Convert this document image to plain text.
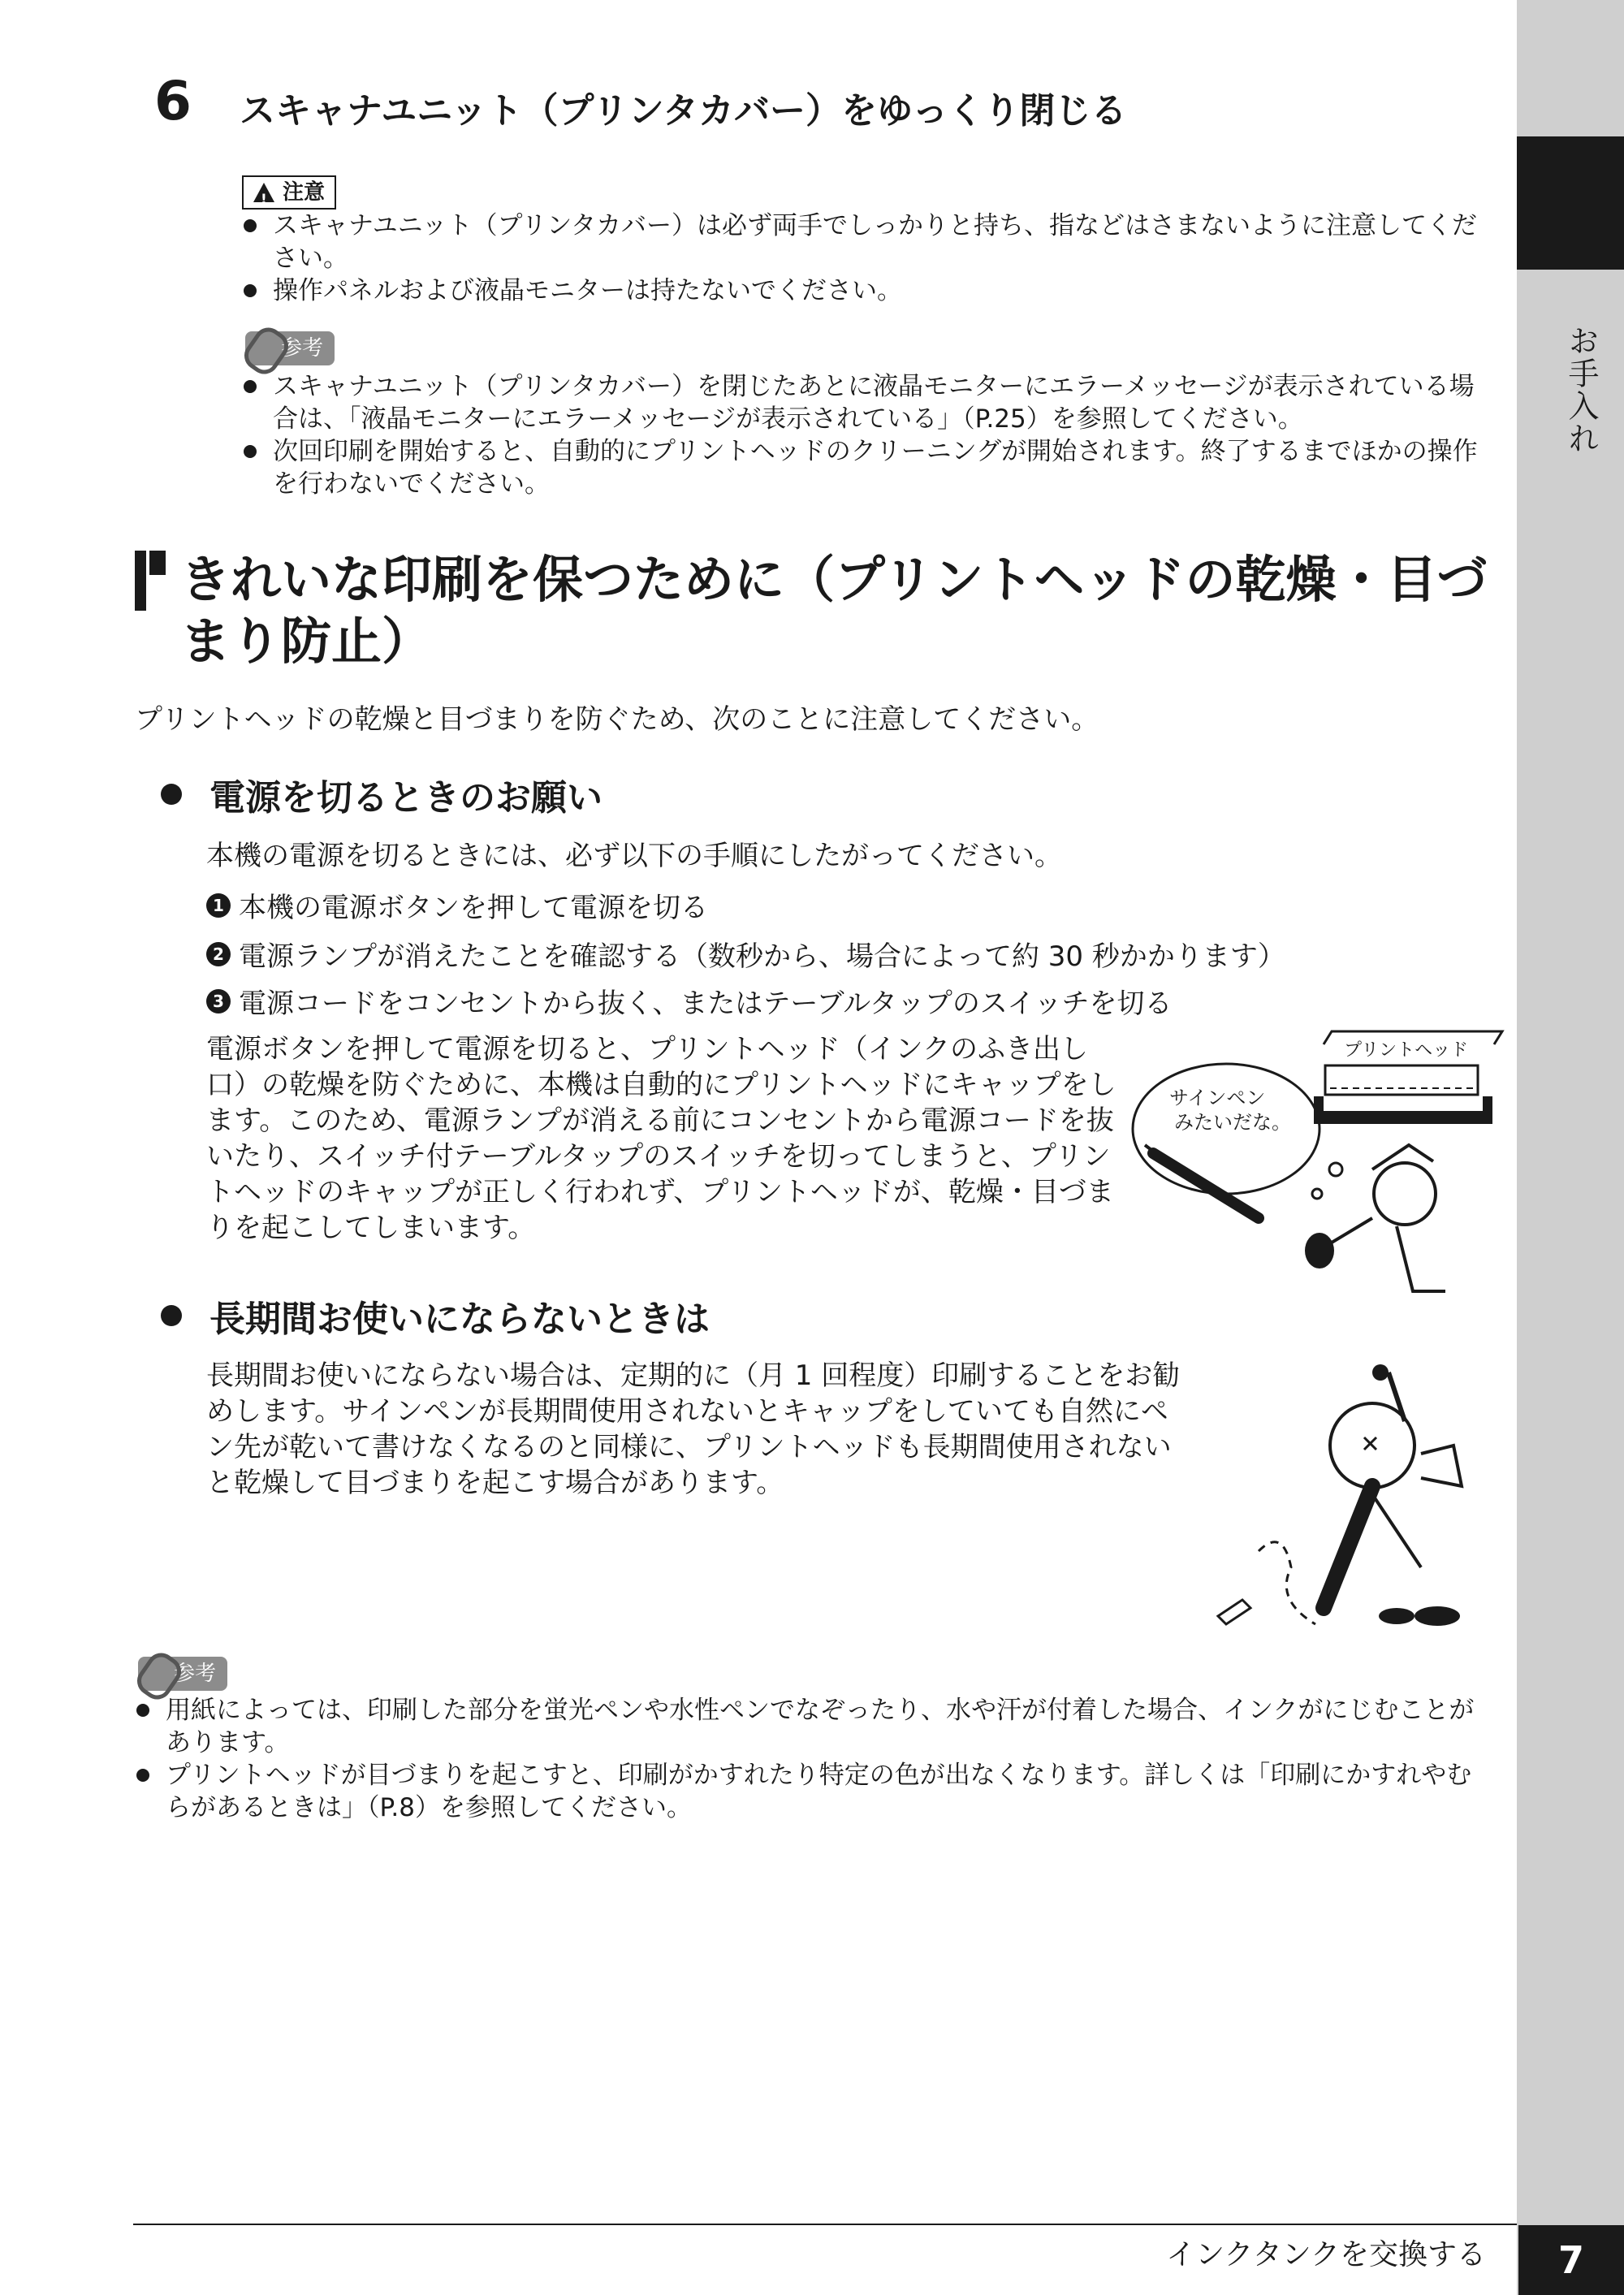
お手入れ
6 スキャナユニット（プリンタカバー）をゆっくり閉じる
!
注意
スキャナユニット（プリンタカバー）は必ず両手でしっかりと持ち、指などはさまないように注意してください。
操作パネルおよび液晶モニターは持たないでください。
参考
スキャナユニット（プリンタカバー）を閉じたあとに液晶モニターにエラーメッセージが表示されている場合は、「液晶モニターにエラーメッセージが表示されている」（P.25）を参照してください。
次回印刷を開始すると、自動的にプリントヘッドのクリーニングが開始されます。終了するまでほかの操作を行わないでください。
きれいな印刷を保つために（プリントヘッドの乾燥・目づまり防止）
プリントヘッドの乾燥と目づまりを防ぐため、次のことに注意してください。
電源を切るときのお願い
本機の電源を切るときには、必ず以下の手順にしたがってください。
1 本機の電源ボタンを押して電源を切る
2 電源ランプが消えたことを確認する（数秒から、場合によって約 30 秒かかります）
3 電源コードをコンセントから抜く、またはテーブルタップのスイッチを切る
電源ボタンを押して電源を切ると、プリントヘッド（インクのふき出し口）の乾燥を防ぐために、本機は自動的にプリントヘッドにキャップをします。このため、電源ランプが消える前にコンセントから電源コードを抜いたり、スイッチ付テーブルタップのスイッチを切ってしまうと、プリントヘッドのキャップが正しく行われず、プリントヘッドが、乾燥・目づまりを起こしてしまいます。
プリントヘッド
サインペン
みたいだな。
長期間お使いにならないときは
長期間お使いにならない場合は、定期的に（月 1 回程度）印刷することをお勧めします。サインペンが長期間使用されないとキャップをしていても自然にペン先が乾いて書けなくなるのと同様に、プリントヘッドも長期間使用されないと乾燥して目づまりを起こす場合があります。
参考
用紙によっては、印刷した部分を蛍光ペンや水性ペンでなぞったり、水や汗が付着した場合、インクがにじむことがあります。
プリントヘッドが目づまりを起こすと、印刷がかすれたり特定の色が出なくなります。詳しくは「印刷にかすれやむらがあるときは」（P.8）を参照してください。
インクタンクを交換する	7
